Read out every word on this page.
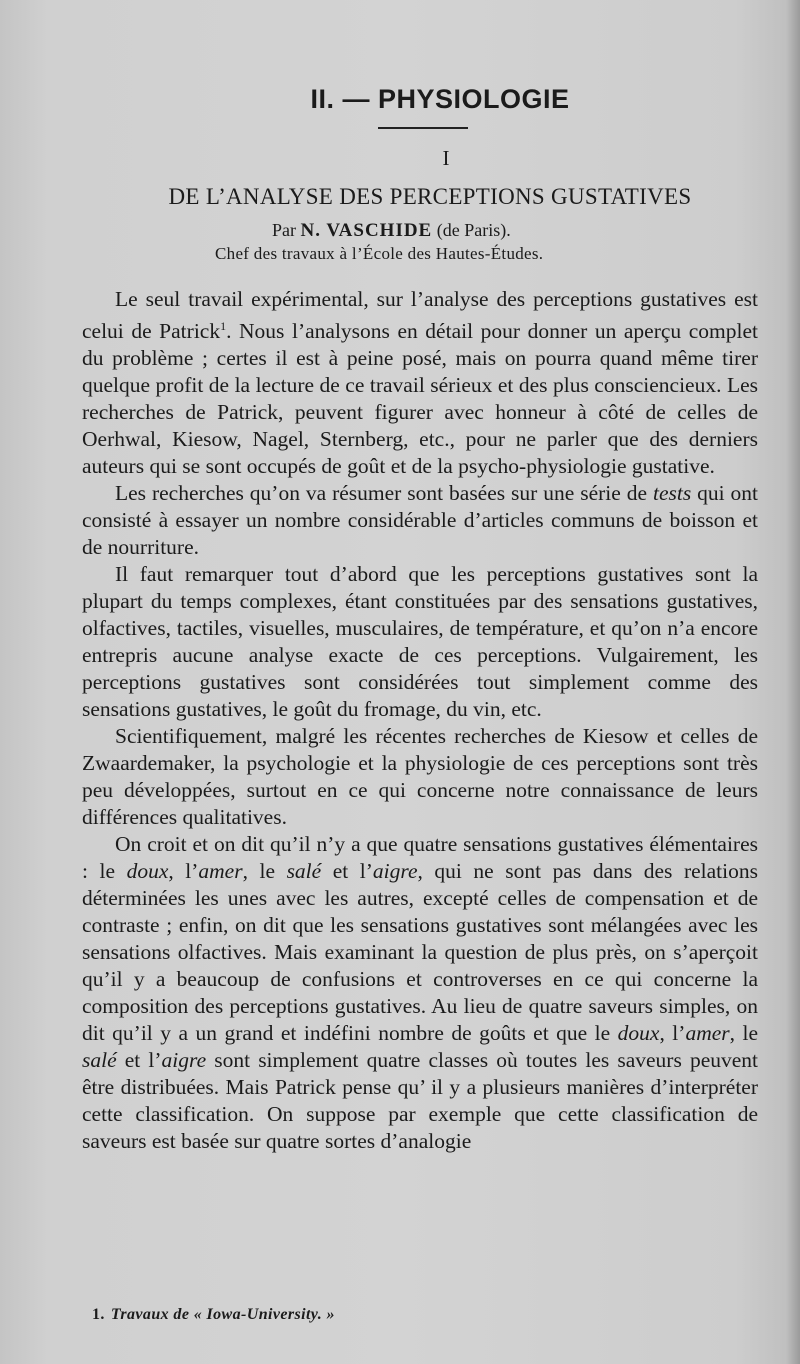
II. — PHYSIOLOGIE
I
DE L’ANALYSE DES PERCEPTIONS GUSTATIVES
Par N. VASCHIDE (de Paris).
Chef des travaux à l’École des Hautes-Études.

Le seul travail expérimental, sur l’analyse des perceptions gustatives est celui de Patrick$^1$. Nous l’analysons en détail pour donner un aperçu complet du problème ; certes il est à peine posé, mais on pourra quand même tirer quelque profit de la lecture de ce travail sérieux et des plus consciencieux. Les recherches de Patrick, peuvent figurer avec honneur à côté de celles de Oerhwal, Kiesow, Nagel, Sternberg, etc., pour ne parler que des derniers auteurs qui se sont occupés de goût et de la psycho-physiologie gustative.

Les recherches qu’on va résumer sont basées sur une série de tests qui ont consisté à essayer un nombre considérable d’articles communs de boisson et de nourriture.

Il faut remarquer tout d’abord que les perceptions gustatives sont la plupart du temps complexes, étant constituées par des sensations gustatives, olfactives, tactiles, visuelles, musculaires, de température, et qu’on n’a encore entrepris aucune analyse exacte de ces perceptions. Vulgairement, les perceptions gustatives sont considérées tout simplement comme des sensations gustatives, le goût du fromage, du vin, etc.

Scientifiquement, malgré les récentes recherches de Kiesow et celles de Zwaardemaker, la psychologie et la physiologie de ces perceptions sont très peu développées, surtout en ce qui concerne notre connaissance de leurs différences qualitatives.

On croit et on dit qu’il n’y a que quatre sensations gustatives élémentaires : le doux, l’amer, le salé et l’aigre, qui ne sont pas dans des relations déterminées les unes avec les autres, excepté celles de compensation et de contraste ; enfin, on dit que les sensations gustatives sont mélangées avec les sensations olfactives. Mais examinant la question de plus près, on s’aperçoit qu’il y a beaucoup de confusions et controverses en ce qui concerne la composition des perceptions gustatives. Au lieu de quatre saveurs simples, on dit qu’il y a un grand et indéfini nombre de goûts et que le doux, l’amer, le salé et l’aigre sont simplement quatre classes où toutes les saveurs peuvent être distribuées. Mais Patrick pense qu’ il y a plusieurs manières d’interpréter cette classification. On suppose par exemple que cette classification de saveurs est basée sur quatre sortes d’analogie

1. Travaux de « Iowa-University. »
